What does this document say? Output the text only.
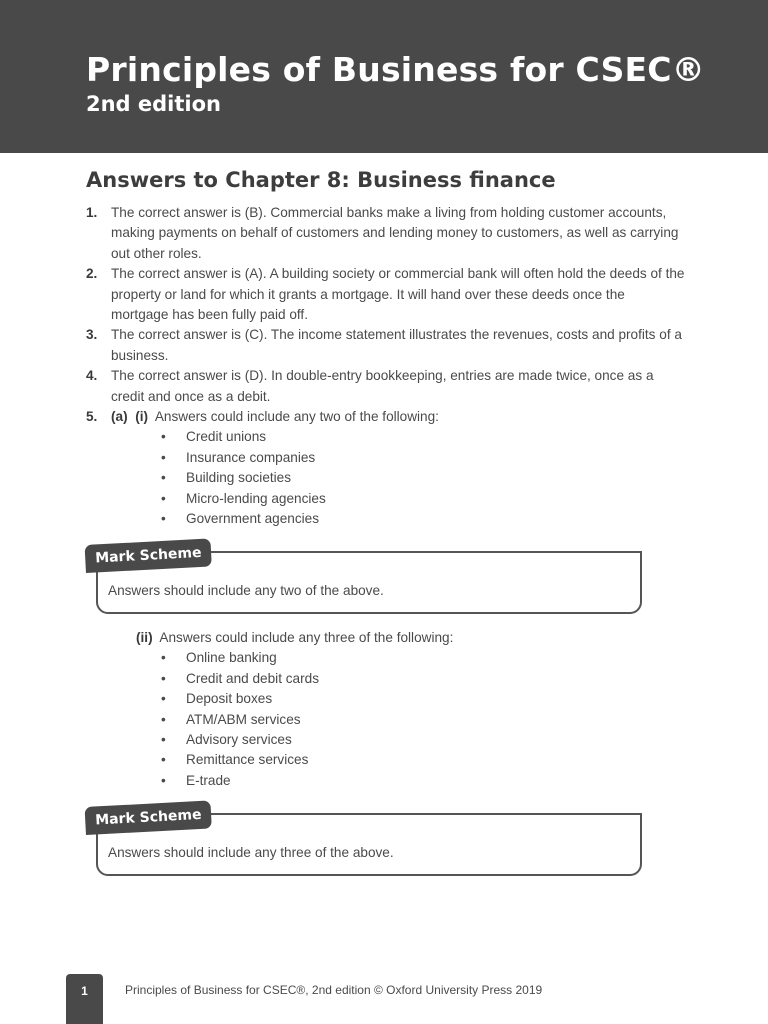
Principles of Business for CSEC®
2nd edition
Answers to Chapter 8: Business finance
1. The correct answer is (B). Commercial banks make a living from holding customer accounts, making payments on behalf of customers and lending money to customers, as well as carrying out other roles.
2. The correct answer is (A). A building society or commercial bank will often hold the deeds of the property or land for which it grants a mortgage. It will hand over these deeds once the mortgage has been fully paid off.
3. The correct answer is (C). The income statement illustrates the revenues, costs and profits of a business.
4. The correct answer is (D). In double-entry bookkeeping, entries are made twice, once as a credit and once as a debit.
5. (a) (i) Answers could include any two of the following:
• Credit unions
• Insurance companies
• Building societies
• Micro-lending agencies
• Government agencies
Mark Scheme
Answers should include any two of the above.
(ii) Answers could include any three of the following:
• Online banking
• Credit and debit cards
• Deposit boxes
• ATM/ABM services
• Advisory services
• Remittance services
• E-trade
Mark Scheme
Answers should include any three of the above.
1	Principles of Business for CSEC®, 2nd edition © Oxford University Press 2019
